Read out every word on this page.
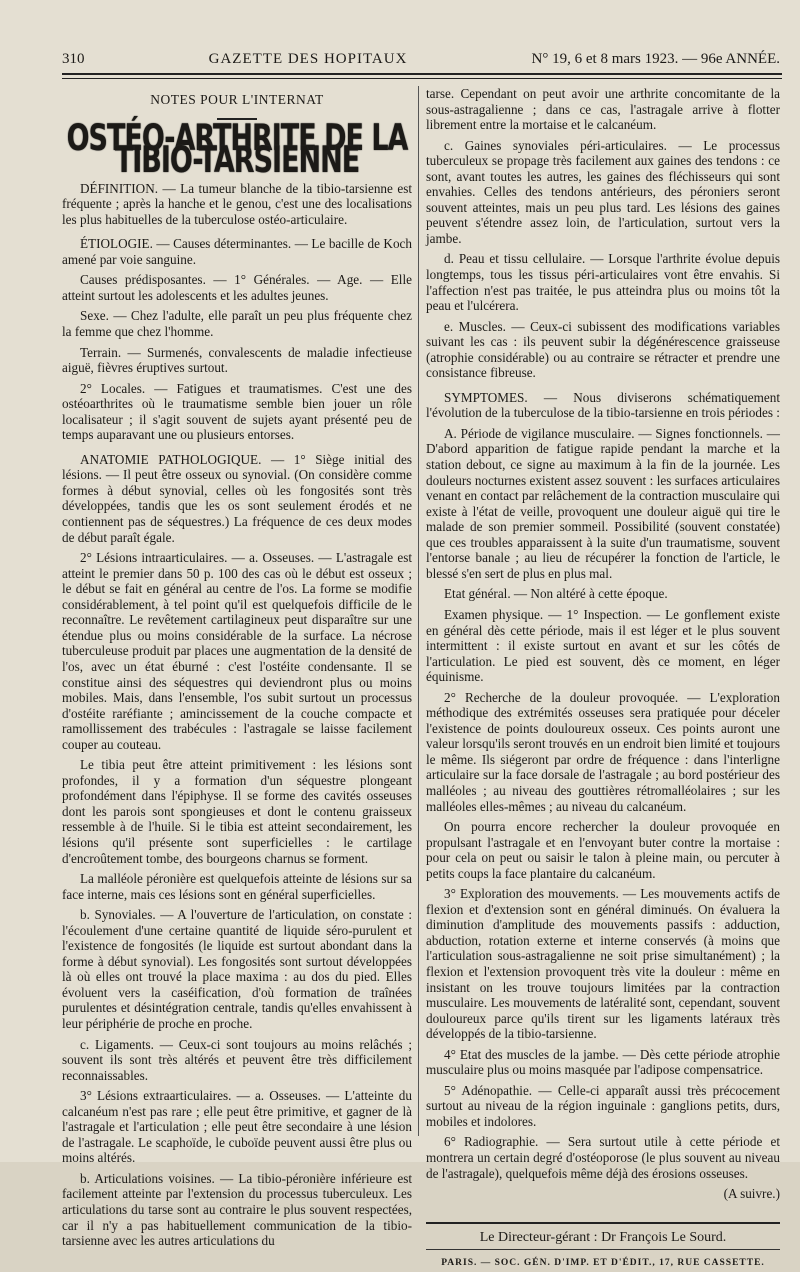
310	GAZETTE DES HOPITAUX	N° 19, 6 et 8 mars 1923. — 96e ANNÉE.
NOTES POUR L'INTERNAT
OSTÉO-ARTHRITE DE LA TIBIO-TARSIENNE

DÉFINITION. — La tumeur blanche de la tibio-tarsienne est fréquente ; après la hanche et le genou, c'est une des localisations les plus habituelles de la tuberculose ostéo-articulaire.

ÉTIOLOGIE. — Causes déterminantes. — Le bacille de Koch amené par voie sanguine.

Causes prédisposantes. — 1° Générales. — Age. — Elle atteint surtout les adolescents et les adultes jeunes.

Sexe. — Chez l'adulte, elle paraît un peu plus fréquente chez la femme que chez l'homme.

Terrain. — Surmenés, convalescents de maladie infectieuse aiguë, fièvres éruptives surtout.

2° Locales. — Fatigues et traumatismes. C'est une des ostéoarthrites où le traumatisme semble bien jouer un rôle localisateur ; il s'agit souvent de sujets ayant présenté peu de temps auparavant une ou plusieurs entorses.

ANATOMIE PATHOLOGIQUE. — 1° Siège initial des lésions. — Il peut être osseux ou synovial. (On considère comme formes à début synovial, celles où les fongosités sont très développées, tandis que les os sont seulement érodés et ne contiennent pas de séquestres.) La fréquence de ces deux modes de début paraît égale.

2° Lésions intraarticulaires. — a. Osseuses. — L'astragale est atteint le premier dans 50 p. 100 des cas où le début est osseux ; le début se fait en général au centre de l'os. La forme se modifie considérablement, à tel point qu'il est quelquefois difficile de le reconnaître. Le revêtement cartilagineux peut disparaître sur une étendue plus ou moins considérable de la surface. La nécrose tuberculeuse produit par places une augmentation de la densité de l'os, avec un état éburné : c'est l'ostéite condensante. Il se constitue ainsi des séquestres qui deviendront plus ou moins mobiles. Mais, dans l'ensemble, l'os subit surtout un processus d'ostéite raréfiante ; amincissement de la couche compacte et ramollissement des trabécules : l'astragale se laisse facilement couper au couteau.

Le tibia peut être atteint primitivement : les lésions sont profondes, il y a formation d'un séquestre plongeant profondément dans l'épiphyse. Il se forme des cavités osseuses dont les parois sont spongieuses et dont le contenu graisseux ressemble à de l'huile. Si le tibia est atteint secondairement, les lésions qu'il présente sont superficielles : le cartilage d'encroûtement tombe, des bourgeons charnus se forment.

La malléole péronière est quelquefois atteinte de lésions sur sa face interne, mais ces lésions sont en général superficielles.

b. Synoviales. — A l'ouverture de l'articulation, on constate : l'écoulement d'une certaine quantité de liquide séro-purulent et l'existence de fongosités (le liquide est surtout abondant dans la forme à début synovial). Les fongosités sont surtout développées là où elles ont trouvé la place maxima : au dos du pied. Elles évoluent vers la caséification, d'où formation de traînées purulentes et désintégration centrale, tandis qu'elles envahissent à leur périphérie de proche en proche.

c. Ligaments. — Ceux-ci sont toujours au moins relâchés ; souvent ils sont très altérés et peuvent être très difficilement reconnaissables.

3° Lésions extraarticulaires. — a. Osseuses. — L'atteinte du calcanéum n'est pas rare ; elle peut être primitive, et gagner de là l'astragale et l'articulation ; elle peut être secondaire à une lésion de l'astragale. Le scaphoïde, le cuboïde peuvent aussi être plus ou moins altérés.

b. Articulations voisines. — La tibio-péronière inférieure est facilement atteinte par l'extension du processus tuberculeux. Les articulations du tarse sont au contraire le plus souvent respectées, car il n'y a pas habituellement communication de la tibio-tarsienne avec les autres articulations du

tarse. Cependant on peut avoir une arthrite concomitante de la sous-astragalienne ; dans ce cas, l'astragale arrive à flotter librement entre la mortaise et le calcanéum.

c. Gaines synoviales péri-articulaires. — Le processus tuberculeux se propage très facilement aux gaines des tendons : ce sont, avant toutes les autres, les gaines des fléchisseurs qui sont envahies. Celles des tendons antérieurs, des péroniers seront souvent atteintes, mais un peu plus tard. Les lésions des gaines peuvent s'étendre assez loin, de l'articulation, surtout vers la jambe.

d. Peau et tissu cellulaire. — Lorsque l'arthrite évolue depuis longtemps, tous les tissus péri-articulaires vont être envahis. Si l'affection n'est pas traitée, le pus atteindra plus ou moins tôt la peau et l'ulcérera.

e. Muscles. — Ceux-ci subissent des modifications variables suivant les cas : ils peuvent subir la dégénérescence graisseuse (atrophie considérable) ou au contraire se rétracter et prendre une consistance fibreuse.

SYMPTOMES. — Nous diviserons schématiquement l'évolution de la tuberculose de la tibio-tarsienne en trois périodes :

A. Période de vigilance musculaire. — Signes fonctionnels. — D'abord apparition de fatigue rapide pendant la marche et la station debout, ce signe au maximum à la fin de la journée. Les douleurs nocturnes existent assez souvent : les surfaces articulaires venant en contact par relâchement de la contraction musculaire qui existe à l'état de veille, provoquent une douleur aiguë qui tire le malade de son premier sommeil. Possibilité (souvent constatée) que ces troubles apparaissent à la suite d'un traumatisme, souvent l'entorse banale ; au lieu de récupérer la fonction de l'article, le blessé s'en sert de plus en plus mal.

Etat général. — Non altéré à cette époque.

Examen physique. — 1° Inspection. — Le gonflement existe en général dès cette période, mais il est léger et le plus souvent intermittent : il existe surtout en avant et sur les côtés de l'articulation. Le pied est souvent, dès ce moment, en léger équinisme.

2° Recherche de la douleur provoquée. — L'exploration méthodique des extrémités osseuses sera pratiquée pour déceler l'existence de points douloureux osseux. Ces points auront une valeur lorsqu'ils seront trouvés en un endroit bien limité et toujours le même. Ils siégeront par ordre de fréquence : dans l'interligne articulaire sur la face dorsale de l'astragale ; au bord postérieur des malléoles ; au niveau des gouttières rétromalléolaires ; sur les malléoles elles-mêmes ; au niveau du calcanéum.

On pourra encore rechercher la douleur provoquée en propulsant l'astragale et en l'envoyant buter contre la mortaise : pour cela on peut ou saisir le talon à pleine main, ou percuter à petits coups la face plantaire du calcanéum.

3° Exploration des mouvements. — Les mouvements actifs de flexion et d'extension sont en général diminués. On évaluera la diminution d'amplitude des mouvements passifs : adduction, abduction, rotation externe et interne conservés (à moins que l'articulation sous-astragalienne ne soit prise simultanément) ; la flexion et l'extension provoquent très vite la douleur : même en insistant on les trouve toujours limitées par la contraction musculaire. Les mouvements de latéralité sont, cependant, souvent douloureux parce qu'ils tirent sur les ligaments latéraux très développés de la tibio-tarsienne.

4° Etat des muscles de la jambe. — Dès cette période atrophie musculaire plus ou moins masquée par l'adipose compensatrice.

5° Adénopathie. — Celle-ci apparaît aussi très précocement surtout au niveau de la région inguinale : ganglions petits, durs, mobiles et indolores.

6° Radiographie. — Sera surtout utile à cette période et montrera un certain degré d'ostéoporose (le plus souvent au niveau de l'astragale), quelquefois même déjà des érosions osseuses.

(A suivre.)

Le Directeur-gérant : Dr François Le Sourd.
PARIS. — SOC. GÉN. D'IMP. ET D'ÉDIT., 17, RUE CASSETTE.
